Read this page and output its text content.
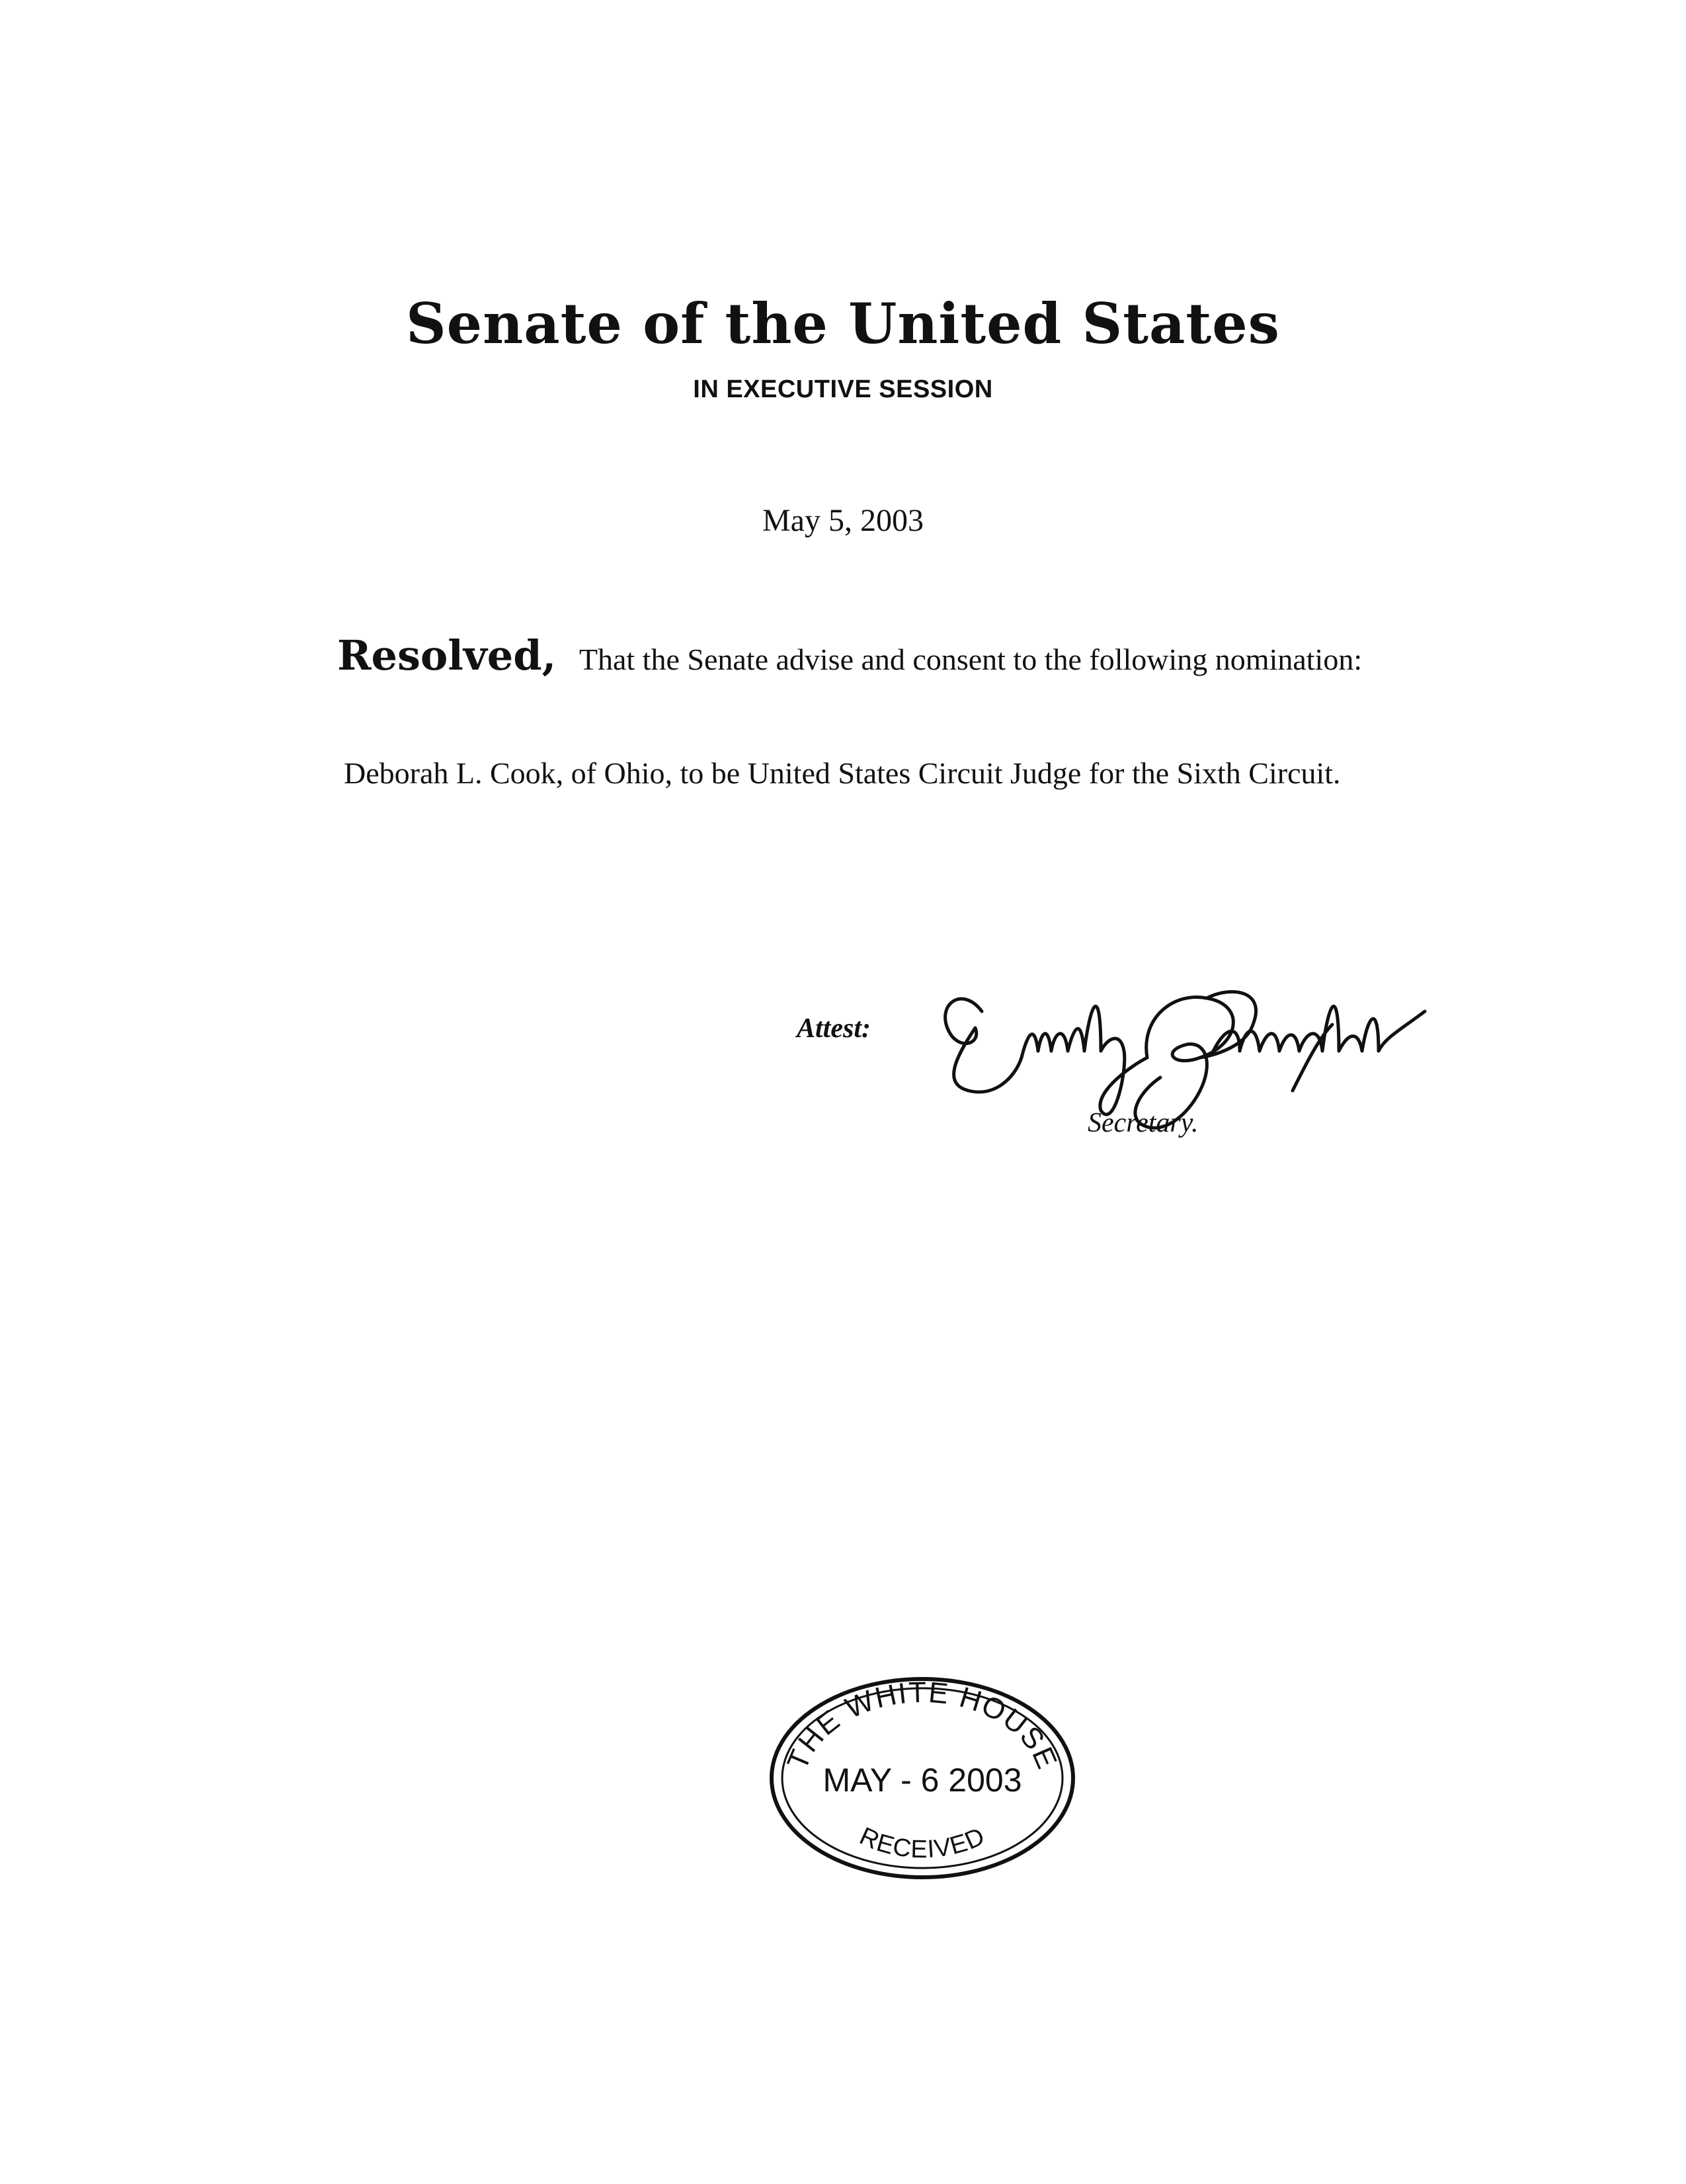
Senate of the United States
IN EXECUTIVE SESSION
May 5, 2003
Resolved, That the Senate advise and consent to the following nomination:
Deborah L. Cook, of Ohio, to be United States Circuit Judge for the Sixth Circuit.
Attest:
Secretary.
THE WHITE HOUSE
MAY - 6 2003
RECEIVED
